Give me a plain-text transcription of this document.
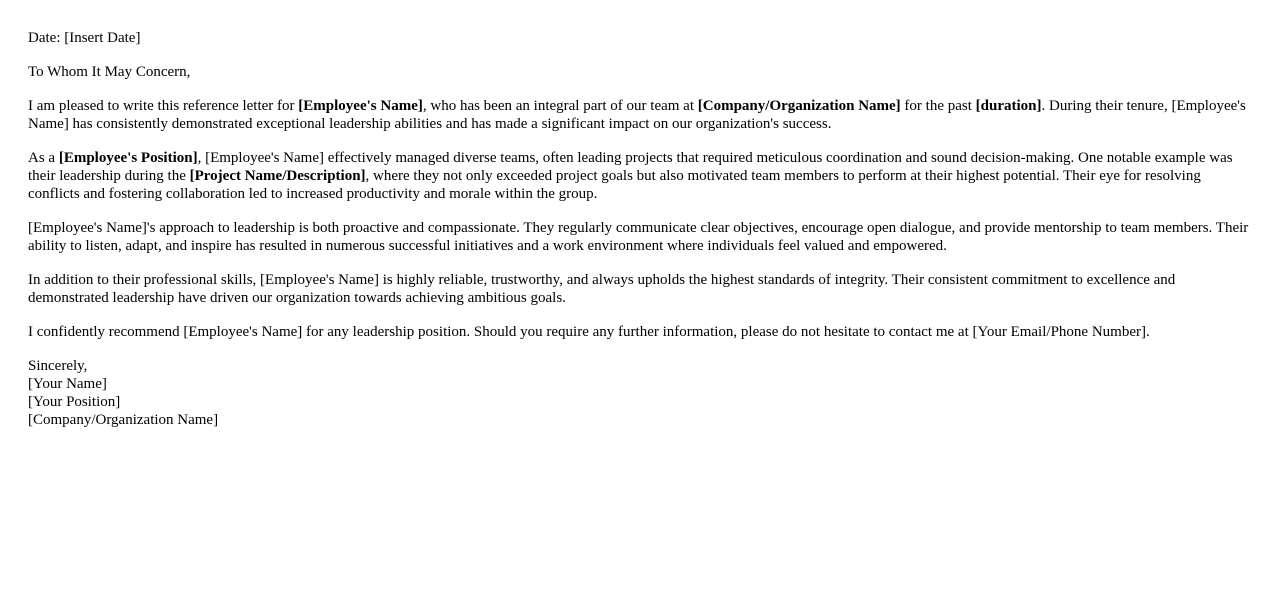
Date: [Insert Date]

To Whom It May Concern,

I am pleased to write this reference letter for [Employee's Name], who has been an integral part of our team at [Company/Organization Name] for the past [duration]. During their tenure, [Employee's Name] has consistently demonstrated exceptional leadership abilities and has made a significant impact on our organization's success.

As a [Employee's Position], [Employee's Name] effectively managed diverse teams, often leading projects that required meticulous coordination and sound decision-making. One notable example was their leadership during the [Project Name/Description], where they not only exceeded project goals but also motivated team members to perform at their highest potential. Their eye for resolving conflicts and fostering collaboration led to increased productivity and morale within the group.

[Employee's Name]'s approach to leadership is both proactive and compassionate. They regularly communicate clear objectives, encourage open dialogue, and provide mentorship to team members. Their ability to listen, adapt, and inspire has resulted in numerous successful initiatives and a work environment where individuals feel valued and empowered.

In addition to their professional skills, [Employee's Name] is highly reliable, trustworthy, and always upholds the highest standards of integrity. Their consistent commitment to excellence and demonstrated leadership have driven our organization towards achieving ambitious goals.

I confidently recommend [Employee's Name] for any leadership position. Should you require any further information, please do not hesitate to contact me at [Your Email/Phone Number].

Sincerely,
[Your Name]
[Your Position]
[Company/Organization Name]
